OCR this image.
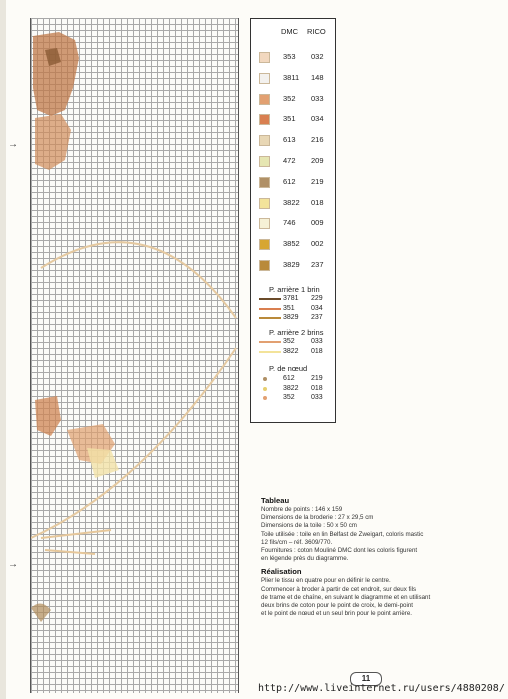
→
→
DMC RICO
353 032
3811 148
352 033
351 034
613 216
472 209
612 219
3822 018
746 009
3852 002
3829 237
P. arrière 1 brin
3781 229
351 034
3829 237
P. arrière 2 brins
352 033
3822 018
P. de nœud
612 219
3822 018
352 033
Tableau
Nombre de points : 146 x 159
Dimensions de la broderie : 27 x 29,5 cm
Dimensions de la toile : 50 x 50 cm
Toile utilisée : toile en lin Belfast de Zweigart, coloris mastic
12 fils/cm – réf. 3609/770.
Fournitures : coton Mouliné DMC dont les coloris figurent
en légende près du diagramme.
Réalisation
Plier le tissu en quatre pour en définir le centre.
Commencer à broder à partir de cet endroit, sur deux fils
de trame et de chaîne, en suivant le diagramme et en utilisant
deux brins de coton pour le point de croix, le demi-point
et le point de nœud et un seul brin pour le point arrière.
11
http://www.liveinternet.ru/users/4880208/
